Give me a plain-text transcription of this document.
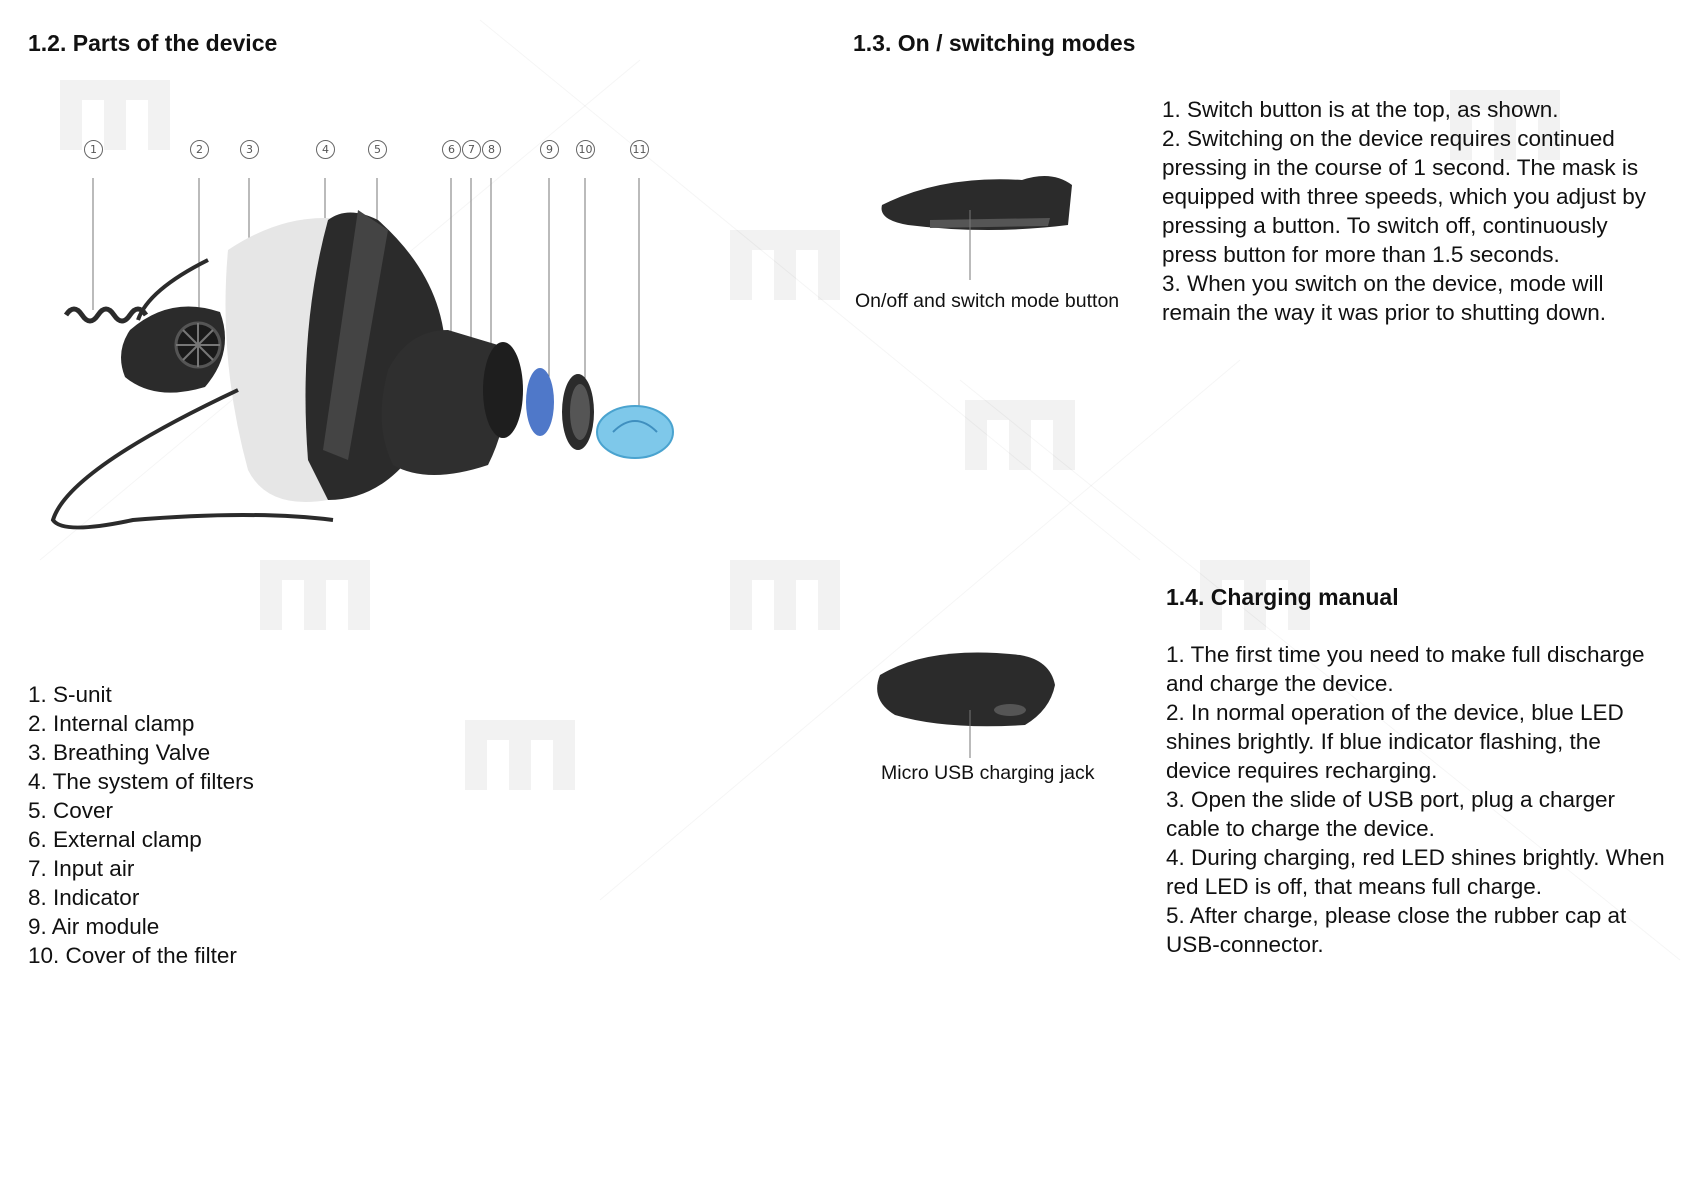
1.2. Parts of the device
1	2	3	4	5	6	7	8	9	10	11
1. S-unit
2. Internal clamp
3. Breathing Valve
4. The system of filters
5. Cover
6. External clamp
7. Input air
8. Indicator
9. Air module
10. Cover of the filter
1.3. On / switching modes
On/off and switch mode button

1. Switch button is at the top, as shown.

2. Switching on the device requires continued pressing in the course of 1 second. The mask is equipped with three speeds, which you adjust by pressing a button. To switch off, continuously press button for more than 1.5 seconds.

3. When you switch on the device, mode will remain the way it was prior to shutting down.

1.4. Charging manual
Micro USB charging jack

1. The first time you need to make full discharge and charge the device.

2. In normal operation of the device, blue LED shines brightly. If blue indicator flashing, the device requires recharging.

3. Open the slide of USB port, plug a charger cable to charge the device.

4. During charging, red LED shines brightly. When red LED is off, that means full charge.

5. After charge, please close the rubber cap at USB-connector.
